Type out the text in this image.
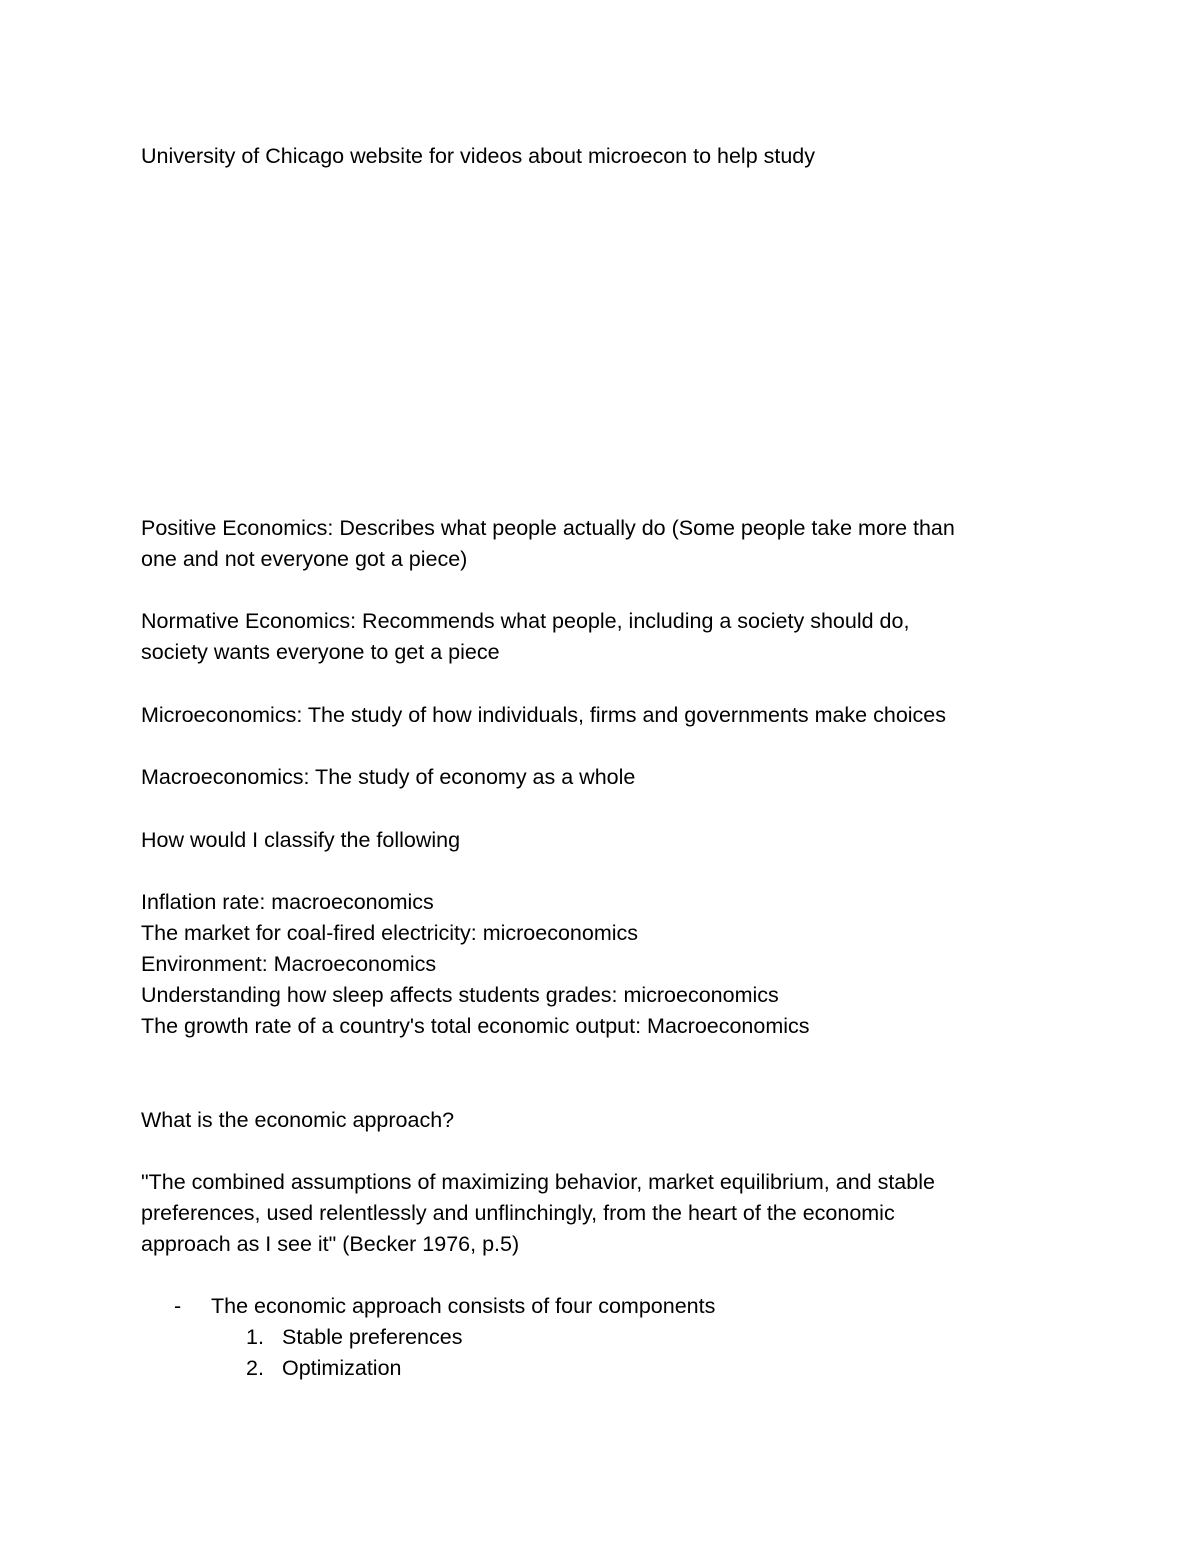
University of Chicago website for videos about microecon to help study

Positive Economics: Describes what people actually do (Some people take more than

one and not everyone got a piece)

Normative Economics: Recommends what people, including a society should do,

society wants everyone to get a piece

Microeconomics: The study of how individuals, firms and governments make choices

Macroeconomics: The study of economy as a whole

How would I classify the following

Inflation rate: macroeconomics

The market for coal-fired electricity: microeconomics

Environment: Macroeconomics

Understanding how sleep affects students grades: microeconomics

The growth rate of a country's total economic output: Macroeconomics

What is the economic approach?

"The combined assumptions of maximizing behavior, market equilibrium, and stable

preferences, used relentlessly and unflinchingly, from the heart of the economic

approach as I see it" (Becker 1976, p.5)

- The economic approach consists of four components
1. Stable preferences
2. Optimization
